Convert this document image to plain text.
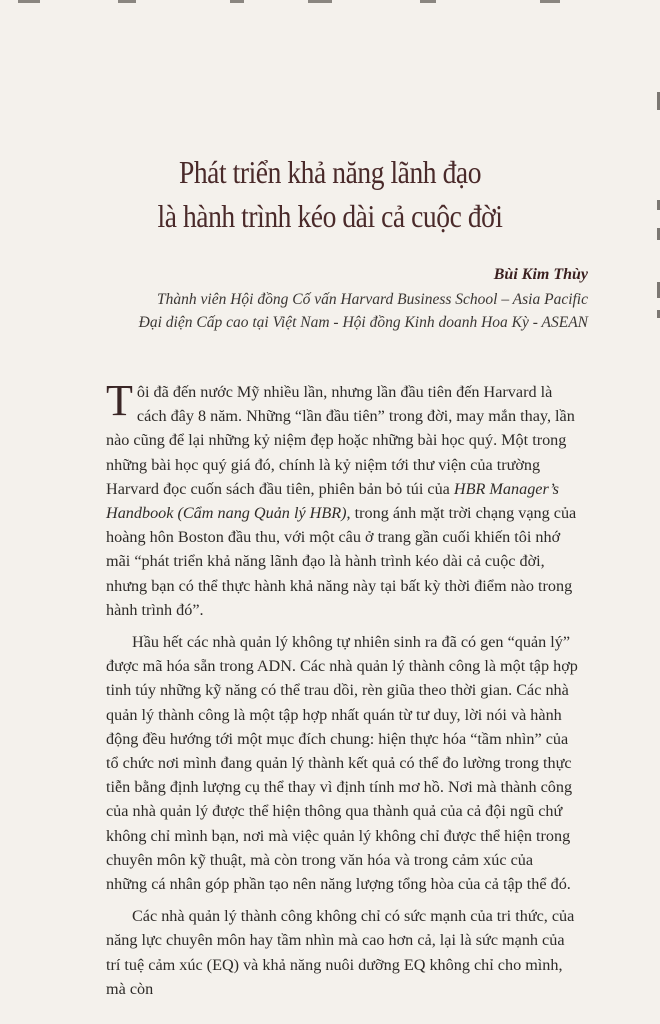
Phát triển khả năng lãnh đạo
là hành trình kéo dài cả cuộc đời
Bùi Kim Thùy
Thành viên Hội đồng Cố vấn Harvard Business School – Asia Pacific
Đại diện Cấp cao tại Việt Nam - Hội đồng Kinh doanh Hoa Kỳ - ASEAN

Tôi đã đến nước Mỹ nhiều lần, nhưng lần đầu tiên đến Harvard là cách đây 8 năm. Những “lần đầu tiên” trong đời, may mắn thay, lần nào cũng để lại những kỷ niệm đẹp hoặc những bài học quý. Một trong những bài học quý giá đó, chính là kỷ niệm tới thư viện của trường Harvard đọc cuốn sách đầu tiên, phiên bản bỏ túi của HBR Manager’s Handbook (Cẩm nang Quản lý HBR), trong ánh mặt trời chạng vạng của hoàng hôn Boston đầu thu, với một câu ở trang gần cuối khiến tôi nhớ mãi “phát triển khả năng lãnh đạo là hành trình kéo dài cả cuộc đời, nhưng bạn có thể thực hành khả năng này tại bất kỳ thời điểm nào trong hành trình đó”.

Hầu hết các nhà quản lý không tự nhiên sinh ra đã có gen “quản lý” được mã hóa sẵn trong ADN. Các nhà quản lý thành công là một tập hợp tinh túy những kỹ năng có thể trau dồi, rèn giũa theo thời gian. Các nhà quản lý thành công là một tập hợp nhất quán từ tư duy, lời nói và hành động đều hướng tới một mục đích chung: hiện thực hóa “tầm nhìn” của tổ chức nơi mình đang quản lý thành kết quả có thể đo lường trong thực tiễn bằng định lượng cụ thể thay vì định tính mơ hồ. Nơi mà thành công của nhà quản lý được thể hiện thông qua thành quả của cả đội ngũ chứ không chỉ mình bạn, nơi mà việc quản lý không chỉ được thể hiện trong chuyên môn kỹ thuật, mà còn trong văn hóa và trong cảm xúc của những cá nhân góp phần tạo nên năng lượng tổng hòa của cả tập thể đó.

Các nhà quản lý thành công không chỉ có sức mạnh của tri thức, của năng lực chuyên môn hay tầm nhìn mà cao hơn cả, lại là sức mạnh của trí tuệ cảm xúc (EQ) và khả năng nuôi dưỡng EQ không chỉ cho mình, mà còn
